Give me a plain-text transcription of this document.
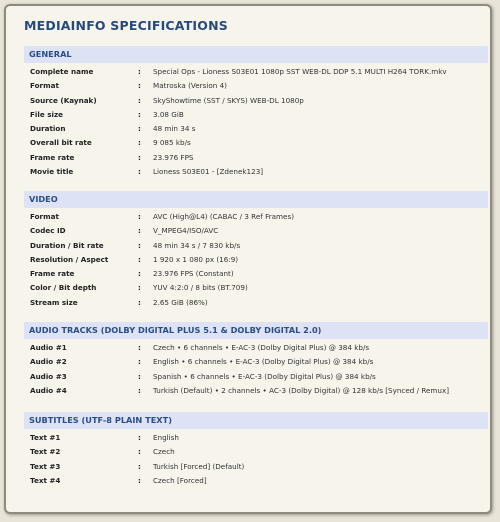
MEDIAINFO SPECIFICATIONS
GENERAL
Complete name	: Special Ops - Lioness S03E01 1080p SST WEB-DL DDP 5.1 MULTI H264 TORK.mkv
Format	: Matroska (Version 4)
Source (Kaynak)	: SkyShowtime (SST / SKYS) WEB-DL 1080p
File size	: 3.08 GiB
Duration	: 48 min 34 s
Overall bit rate	: 9 085 kb/s
Frame rate	: 23.976 FPS
Movie title	: Lioness S03E01 - [Zdenek123]
VIDEO
Format	: AVC (High@L4) (CABAC / 3 Ref Frames)
Codec ID	: V_MPEG4/ISO/AVC
Duration / Bit rate	: 48 min 34 s / 7 830 kb/s
Resolution / Aspect	: 1 920 x 1 080 px (16:9)
Frame rate	: 23.976 FPS (Constant)
Color / Bit depth	: YUV 4:2:0 / 8 bits (BT.709)
Stream size	: 2.65 GiB (86%)
AUDIO TRACKS (DOLBY DIGITAL PLUS 5.1 & DOLBY DIGITAL 2.0)
Audio #1	: Czech • 6 channels • E-AC-3 (Dolby Digital Plus) @ 384 kb/s
Audio #2	: English • 6 channels • E-AC-3 (Dolby Digital Plus) @ 384 kb/s
Audio #3	: Spanish • 6 channels • E-AC-3 (Dolby Digital Plus) @ 384 kb/s
Audio #4	: Turkish (Default) • 2 channels • AC-3 (Dolby Digital) @ 128 kb/s [Synced / Remux]
SUBTITLES (UTF-8 PLAIN TEXT)
Text #1	: English
Text #2	: Czech
Text #3	: Turkish [Forced] (Default)
Text #4	: Czech [Forced]
